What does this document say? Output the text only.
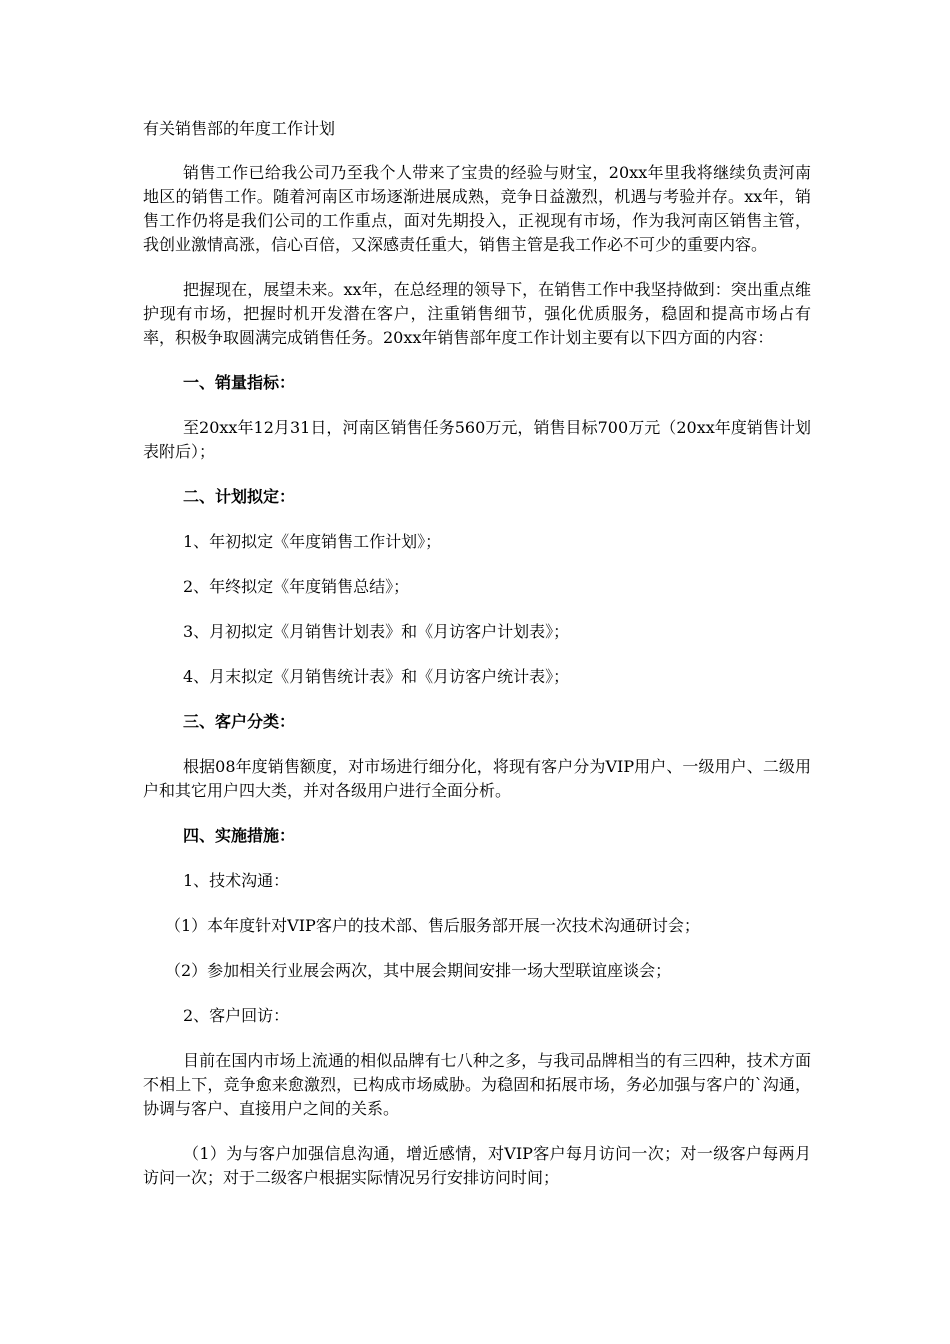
有关销售部的年度工作计划

销售工作已给我公司乃至我个人带来了宝贵的经验与财宝，20xx年里我将继续负责河南地区的销售工作。随着河南区市场逐渐进展成熟，竞争日益激烈，机遇与考验并存。xx年，销售工作仍将是我们公司的工作重点，面对先期投入，正视现有市场，作为我河南区销售主管，我创业激情高涨，信心百倍，又深感责任重大，销售主管是我工作必不可少的重要内容。

把握现在，展望未来。xx年，在总经理的领导下，在销售工作中我坚持做到：突出重点维护现有市场，把握时机开发潜在客户，注重销售细节，强化优质服务，稳固和提高市场占有率，积极争取圆满完成销售任务。20xx年销售部年度工作计划主要有以下四方面的内容：

一、销量指标：

至20xx年12月31日，河南区销售任务560万元，销售目标700万元（20xx年度销售计划表附后）；

二、计划拟定：

1、年初拟定《年度销售工作计划》；

2、年终拟定《年度销售总结》；

3、月初拟定《月销售计划表》和《月访客户计划表》；

4、月末拟定《月销售统计表》和《月访客户统计表》；

三、客户分类：

根据08年度销售额度，对市场进行细分化，将现有客户分为VIP用户、一级用户、二级用户和其它用户四大类，并对各级用户进行全面分析。

四、实施措施：

1、技术沟通：

（1）本年度针对VIP客户的技术部、售后服务部开展一次技术沟通研讨会；

（2）参加相关行业展会两次，其中展会期间安排一场大型联谊座谈会；

2、客户回访：

目前在国内市场上流通的相似品牌有七八种之多，与我司品牌相当的有三四种，技术方面不相上下，竞争愈来愈激烈，已构成市场威胁。为稳固和拓展市场，务必加强与客户的`沟通，协调与客户、直接用户之间的关系。

（1）为与客户加强信息沟通，增近感情，对VIP客户每月访问一次；对一级客户每两月访问一次；对于二级客户根据实际情况另行安排访问时间；
